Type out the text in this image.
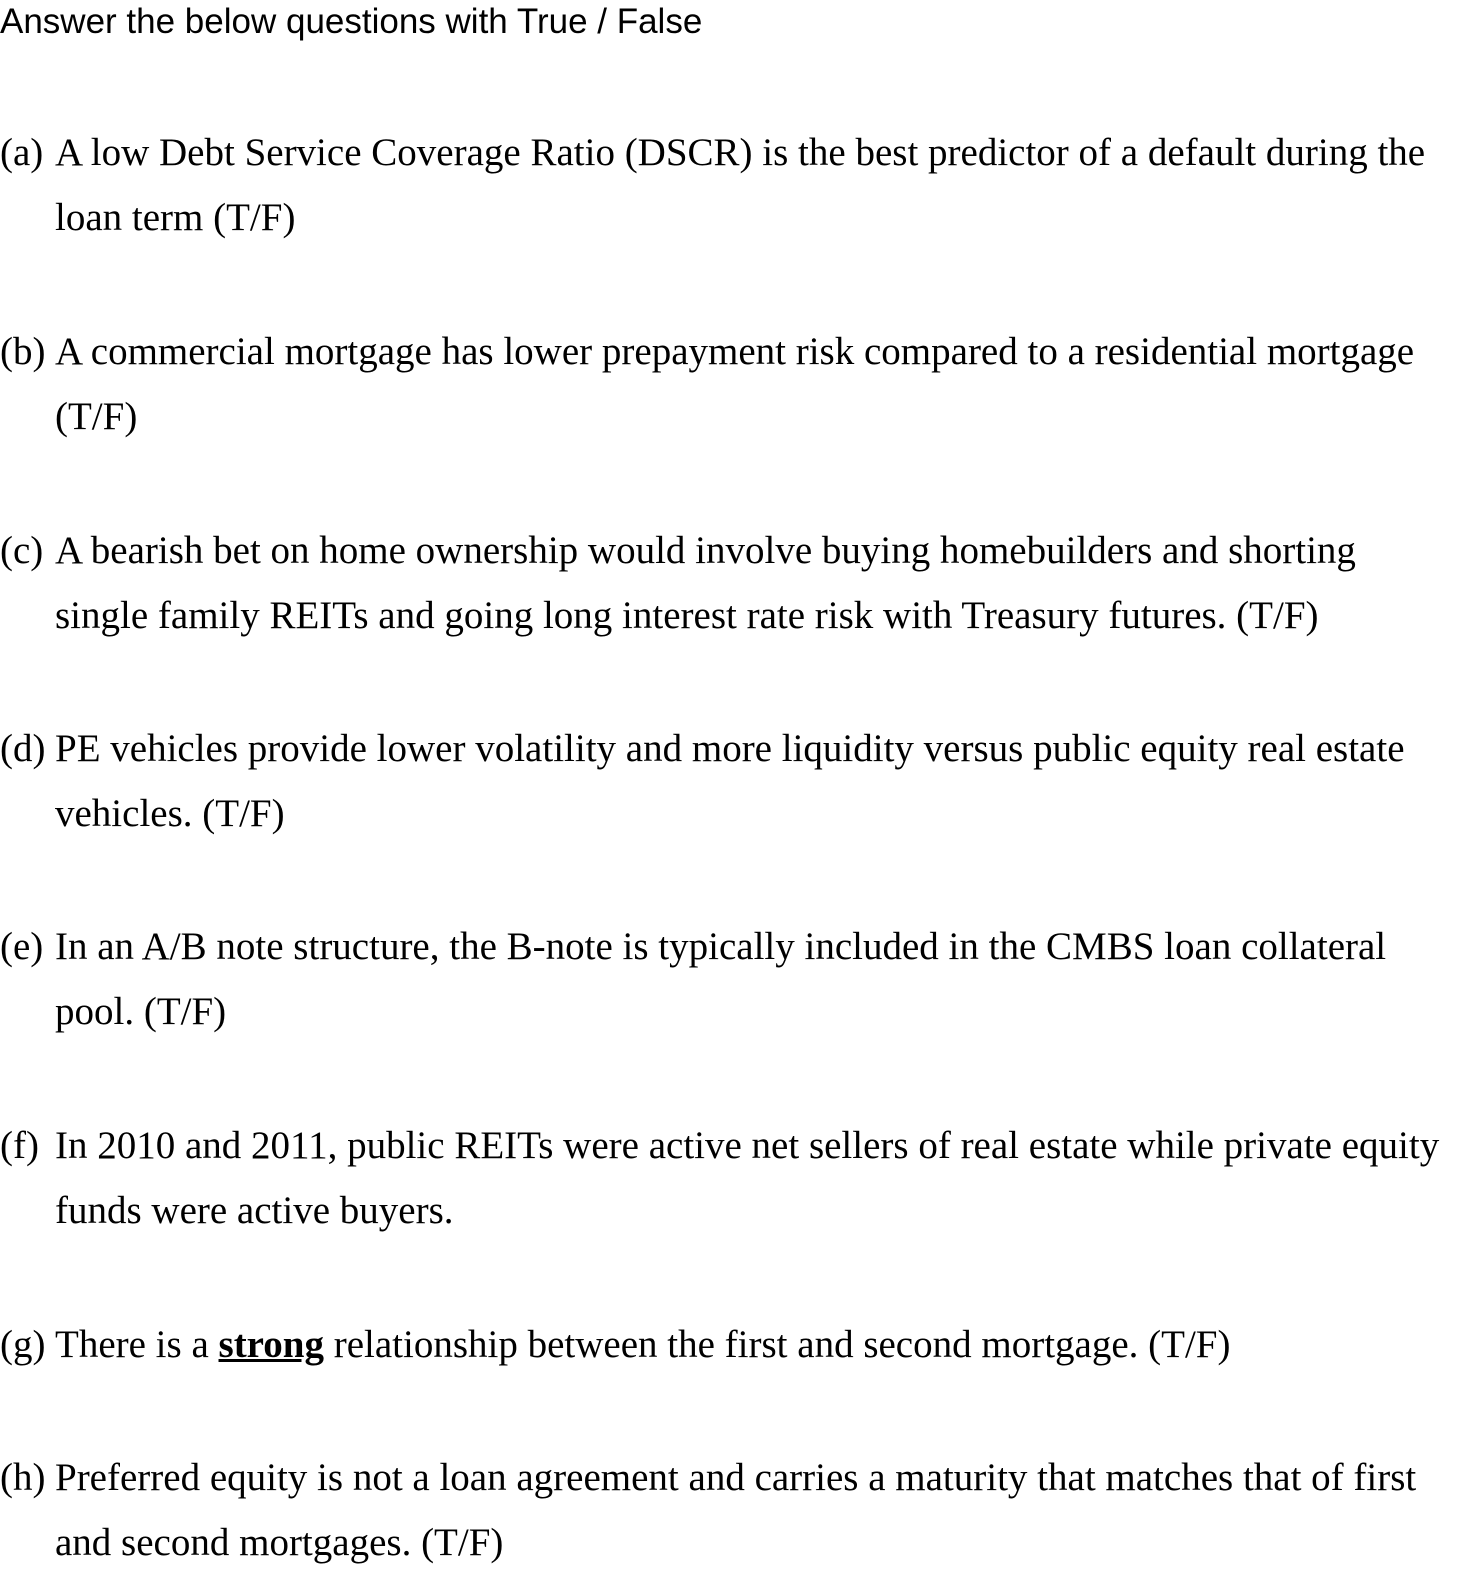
Answer the below questions with True / False
(a) A low Debt Service Coverage Ratio (DSCR) is the best predictor of a default during the
loan term (T/F)
(b) A commercial mortgage has lower prepayment risk compared to a residential mortgage
(T/F)
(c) A bearish bet on home ownership would involve buying homebuilders and shorting
single family REITs and going long interest rate risk with Treasury futures. (T/F)
(d) PE vehicles provide lower volatility and more liquidity versus public equity real estate
vehicles. (T/F)
(e) In an A/B note structure, the B-note is typically included in the CMBS loan collateral
pool. (T/F)
(f) In 2010 and 2011, public REITs were active net sellers of real estate while private equity
funds were active buyers.
(g) There is a strong relationship between the first and second mortgage. (T/F)
(h) Preferred equity is not a loan agreement and carries a maturity that matches that of first
and second mortgages. (T/F)
